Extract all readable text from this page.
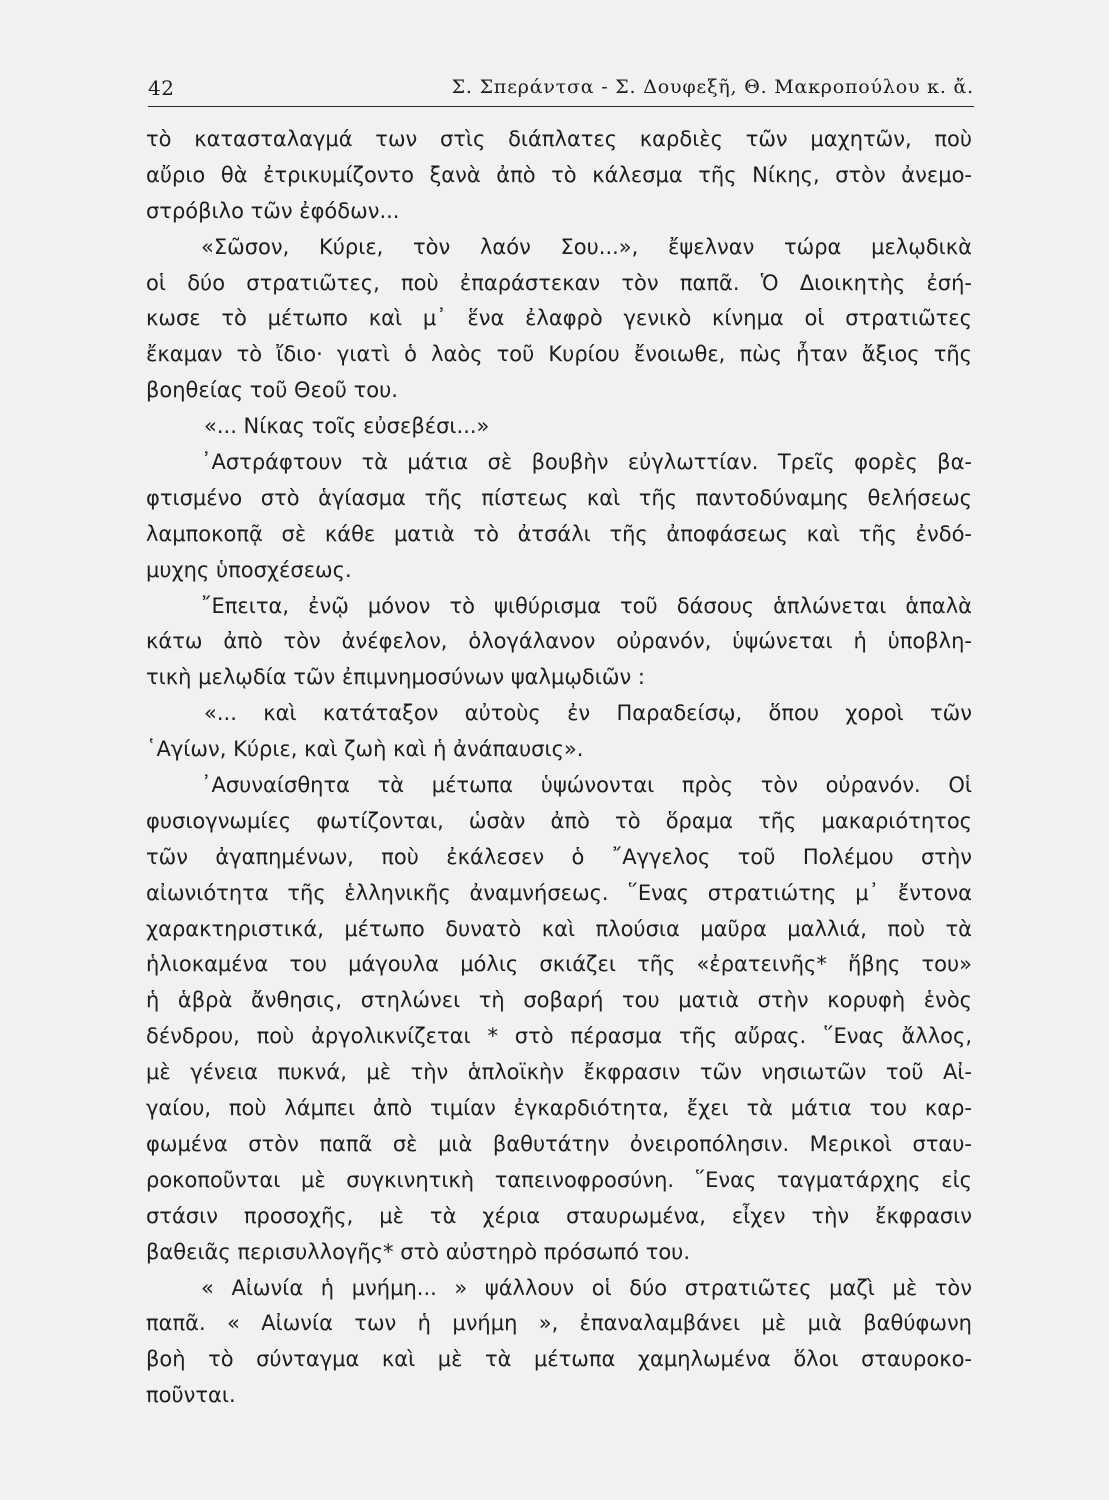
42	Σ. Σπεράντσα - Σ. Δουφεξῆ, Θ. Μακροπούλου κ. ἄ.
τὸ κατασταλαγμά των στὶς διάπλατες καρδιὲς τῶν μαχητῶν, ποὺ
αὔριο θὰ ἐτρικυμίζοντο ξανὰ ἀπὸ τὸ κάλεσμα τῆς Νίκης, στὸν ἀνεμο-
στρόβιλο τῶν ἐφόδων...
«Σῶσον, Κύριε, τὸν λαόν Σου...», ἔψελναν τώρα μελῳδικὰ
οἱ δύο στρατιῶτες, ποὺ ἐπαράστεκαν τὸν παπᾶ. Ὁ Διοικητὴς ἐσή-
κωσε τὸ μέτωπο καὶ μ᾽ ἕνα ἐλαφρὸ γενικὸ κίνημα οἱ στρατιῶτες
ἔκαμαν τὸ ἴδιο· γιατὶ ὁ λαὸς τοῦ Κυρίου ἔνοιωθε, πὼς ἦταν ἄξιος τῆς
βοηθείας τοῦ Θεοῦ του.
«... Νίκας τοῖς εὐσεβέσι...»
᾿Αστράφτουν τὰ μάτια σὲ βουβὴν εὐγλωττίαν. Τρεῖς φορὲς βα-
φτισμένο στὸ ἁγίασμα τῆς πίστεως καὶ τῆς παντοδύναμης θελήσεως
λαμποκοπᾷ σὲ κάθε ματιὰ τὸ ἀτσάλι τῆς ἀποφάσεως καὶ τῆς ἐνδό-
μυχης ὑποσχέσεως.
῎Επειτα, ἐνῷ μόνον τὸ ψιθύρισμα τοῦ δάσους ἁπλώνεται ἁπαλὰ
κάτω ἀπὸ τὸν ἀνέφελον, ὁλογάλανον οὐρανόν, ὑψώνεται ἡ ὑποβλη-
τικὴ μελῳδία τῶν ἐπιμνημοσύνων ψαλμῳδιῶν :
«... καὶ κατάταξον αὐτοὺς ἐν Παραδείσῳ, ὅπου χοροὶ τῶν
῾Αγίων, Κύριε, καὶ ζωὴ καὶ ἡ ἀνάπαυσις».
᾿Ασυναίσθητα τὰ μέτωπα ὑψώνονται πρὸς τὸν οὐρανόν. Οἱ
φυσιογνωμίες φωτίζονται, ὡσὰν ἀπὸ τὸ ὅραμα τῆς μακαριότητος
τῶν ἀγαπημένων, ποὺ ἐκάλεσεν ὁ ῎Αγγελος τοῦ Πολέμου στὴν
αἰωνιότητα τῆς ἑλληνικῆς ἀναμνήσεως. ῞Ενας στρατιώτης μ᾽ ἔντονα
χαρακτηριστικά, μέτωπο δυνατὸ καὶ πλούσια μαῦρα μαλλιά, ποὺ τὰ
ἡλιοκαμένα του μάγουλα μόλις σκιάζει τῆς «ἐρατεινῆς* ἥβης του»
ἡ ἁβρὰ ἄνθησις, στηλώνει τὴ σοβαρή του ματιὰ στὴν κορυφὴ ἑνὸς
δένδρου, ποὺ ἀργολικνίζεται * στὸ πέρασμα τῆς αὔρας. ῞Ενας ἄλλος,
μὲ γένεια πυκνά, μὲ τὴν ἁπλοϊκὴν ἔκφρασιν τῶν νησιωτῶν τοῦ Αἰ-
γαίου, ποὺ λάμπει ἀπὸ τιμίαν ἐγκαρδιότητα, ἔχει τὰ μάτια του καρ-
φωμένα στὸν παπᾶ σὲ μιὰ βαθυτάτην ὀνειροπόλησιν. Μερικοὶ σταυ-
ροκοποῦνται μὲ συγκινητικὴ ταπεινοφροσύνη. ῞Ενας ταγματάρχης εἰς
στάσιν προσοχῆς, μὲ τὰ χέρια σταυρωμένα, εἶχεν τὴν ἔκφρασιν
βαθειᾶς περισυλλογῆς* στὸ αὐστηρὸ πρόσωπό του.
« Αἰωνία ἡ μνήμη... » ψάλλουν οἱ δύο στρατιῶτες μαζὶ μὲ τὸν
παπᾶ. « Αἰωνία των ἡ μνήμη », ἐπαναλαμβάνει μὲ μιὰ βαθύφωνη
βοὴ τὸ σύνταγμα καὶ μὲ τὰ μέτωπα χαμηλωμένα ὅλοι σταυροκο-
ποῦνται.
